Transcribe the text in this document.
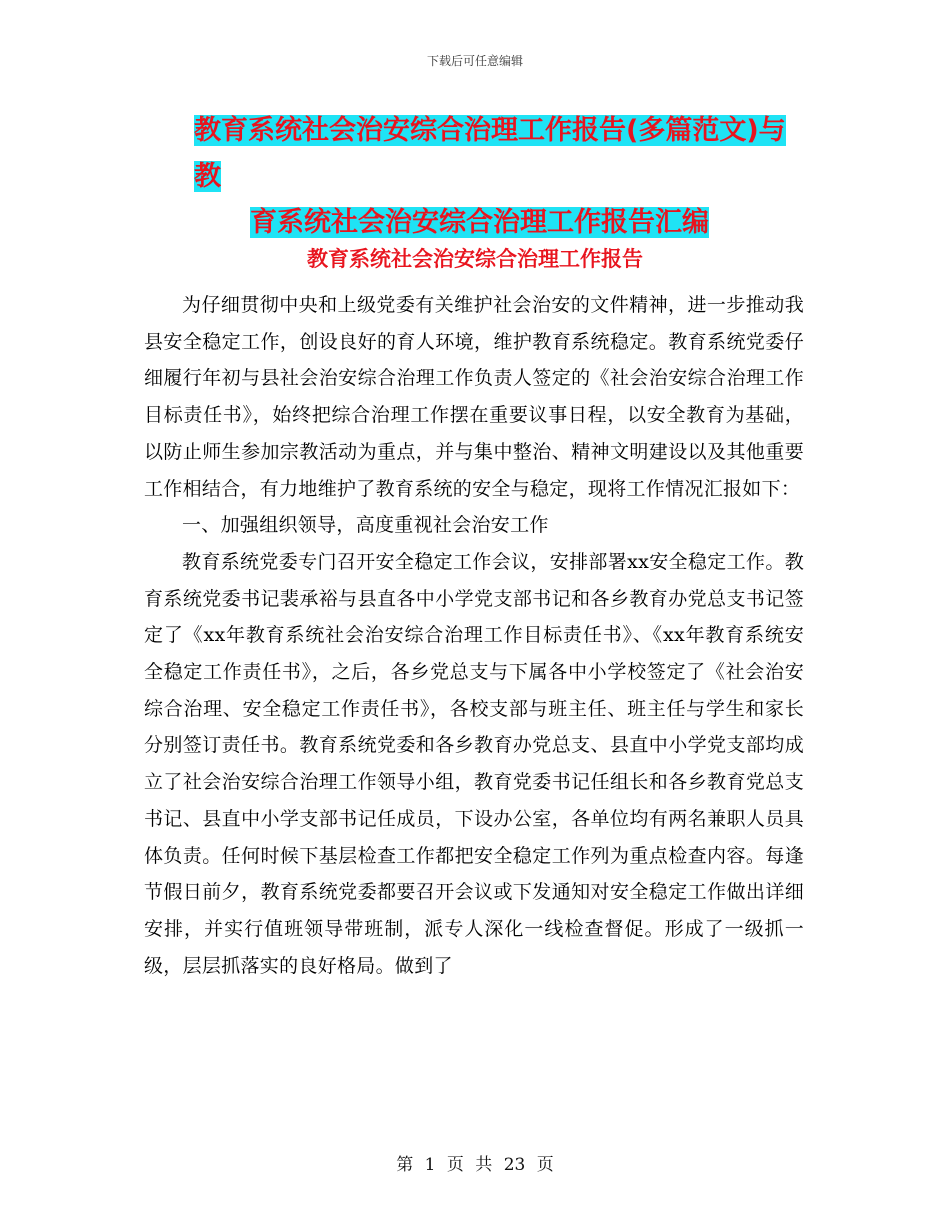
下载后可任意编辑
教育系统社会治安综合治理工作报告(多篇范文)与教
育系统社会治安综合治理工作报告汇编
教育系统社会治安综合治理工作报告

为仔细贯彻中央和上级党委有关维护社会治安的文件精神，进一步推动我县安全稳定工作，创设良好的育人环境，维护教育系统稳定。教育系统党委仔细履行年初与县社会治安综合治理工作负责人签定的《社会治安综合治理工作目标责任书》，始终把综合治理工作摆在重要议事日程，以安全教育为基础，以防止师生参加宗教活动为重点，并与集中整治、精神文明建设以及其他重要工作相结合，有力地维护了教育系统的安全与稳定，现将工作情况汇报如下：

一、加强组织领导，高度重视社会治安工作

教育系统党委专门召开安全稳定工作会议，安排部署xx安全稳定工作。教育系统党委书记裴承裕与县直各中小学党支部书记和各乡教育办党总支书记签定了《xx年教育系统社会治安综合治理工作目标责任书》、《xx年教育系统安全稳定工作责任书》，之后，各乡党总支与下属各中小学校签定了《社会治安综合治理、安全稳定工作责任书》，各校支部与班主任、班主任与学生和家长分别签订责任书。教育系统党委和各乡教育办党总支、县直中小学党支部均成立了社会治安综合治理工作领导小组，教育党委书记任组长和各乡教育党总支书记、县直中小学支部书记任成员，下设办公室，各单位均有两名兼职人员具体负责。任何时候下基层检查工作都把安全稳定工作列为重点检查内容。每逢节假日前夕，教育系统党委都要召开会议或下发通知对安全稳定工作做出详细安排，并实行值班领导带班制，派专人深化一线检查督促。形成了一级抓一级，层层抓落实的良好格局。做到了

第 1 页 共 23 页
